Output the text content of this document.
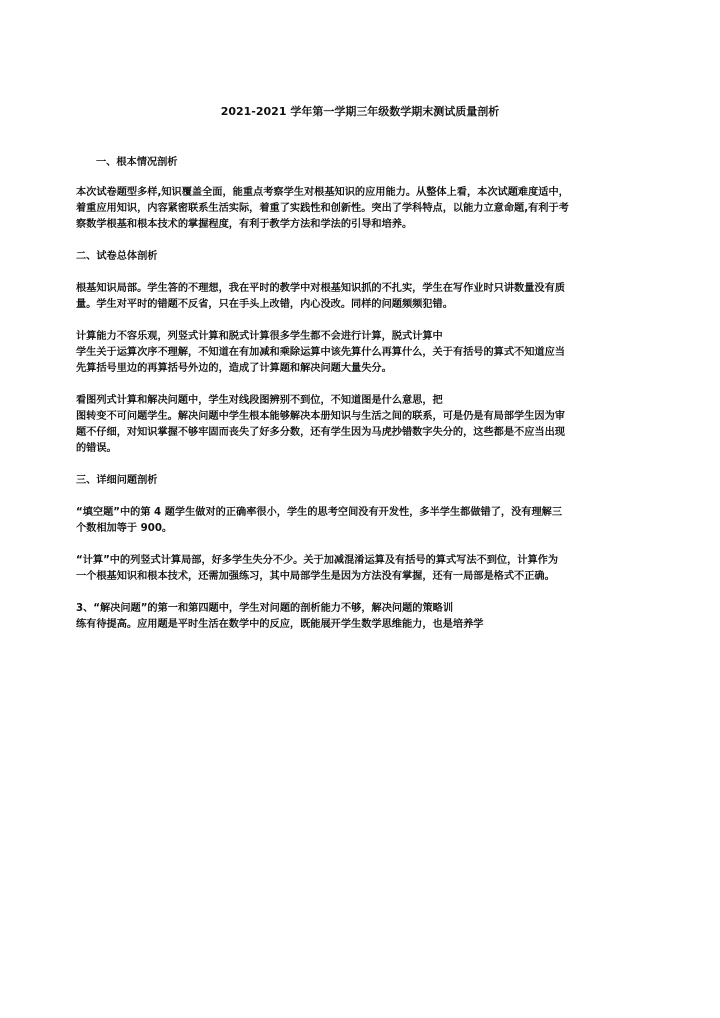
2021-2021 学年第一学期三年级数学期末测试质量剖析
一、根本情况剖析
本次试卷题型多样,知识覆盖全面，能重点考察学生对根基知识的应用能力。从整体上看，本次试题难度适中，
着重应用知识，内容紧密联系生活实际，着重了实践性和创新性。突出了学科特点，以能力立意命题,有利于考
察数学根基和根本技术的掌握程度，有利于教学方法和学法的引导和培养。
二、试卷总体剖析
根基知识局部。学生答的不理想，我在平时的教学中对根基知识抓的不扎实，学生在写作业时只讲数量没有质
量。学生对平时的错题不反省，只在手头上改错，内心没改。同样的问题频频犯错。
计算能力不容乐观，列竖式计算和脱式计算很多学生都不会进行计算，脱式计算中
学生关于运算次序不理解，不知道在有加减和乘除运算中该先算什么再算什么，关于有括号的算式不知道应当
先算括号里边的再算括号外边的，造成了计算题和解决问题大量失分。
看图列式计算和解决问题中，学生对线段图辨别不到位，不知道图是什么意思，把
图转变不可问题学生。解决问题中学生根本能够解决本册知识与生活之间的联系，可是仍是有局部学生因为审
题不仔细，对知识掌握不够牢固而丧失了好多分数，还有学生因为马虎抄错数字失分的，这些都是不应当出现
的错误。
三、详细问题剖析
“填空题”中的第 4 题学生做对的正确率很小，学生的思考空间没有开发性，多半学生都做错了，没有理解三
个数相加等于 900。
“计算”中的列竖式计算局部，好多学生失分不少。关于加减混淆运算及有括号的算式写法不到位，计算作为
一个根基知识和根本技术，还需加强练习，其中局部学生是因为方法没有掌握，还有一局部是格式不正确。
3、“解决问题”的第一和第四题中，学生对问题的剖析能力不够，解决问题的策略训
练有待提高。应用题是平时生活在数学中的反应，既能展开学生数学思维能力，也是培养学
